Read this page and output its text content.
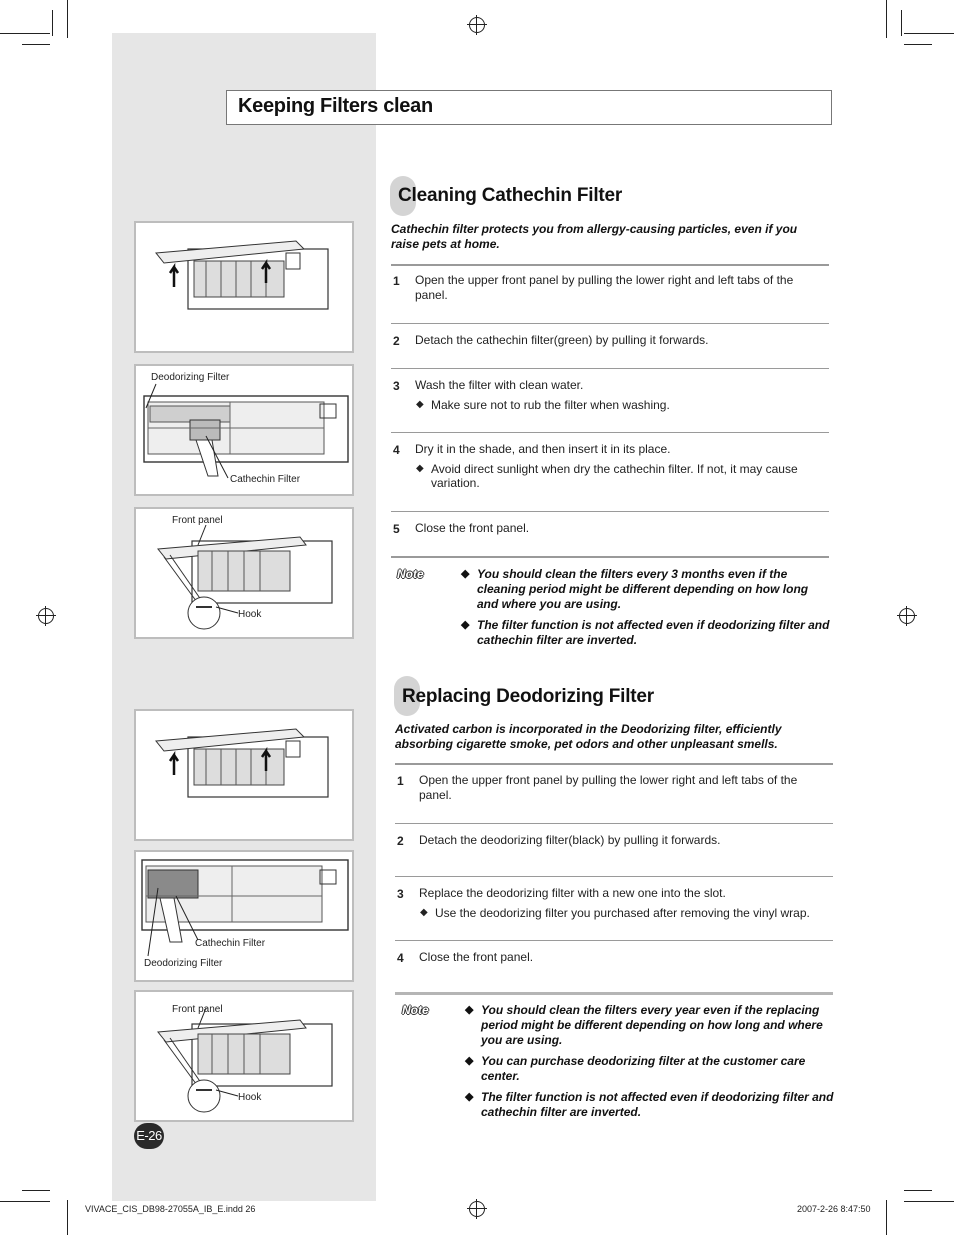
Keeping Filters clean
Cleaning Cathechin Filter
Cathechin filter protects you from allergy-causing particles, even if you raise pets at home.
1 Open the upper front panel by pulling the lower right and left tabs of the panel.
2 Detach the cathechin filter(green) by pulling it forwards.
3 Wash the filter with clean water.
◆ Make sure not to rub the filter when washing.
4 Dry it in the shade, and then insert it in its place.
◆ Avoid direct sunlight when dry the cathechin filter. If not, it may cause variation.
5 Close the front panel.
Note	◆ You should clean the filters every 3 months even if the cleaning period might be different depending on how long and where you are using.
◆ The filter function is not affected even if deodorizing filter and cathechin filter are inverted.
Replacing Deodorizing Filter
Activated carbon is incorporated in the Deodorizing filter, efficiently absorbing cigarette smoke, pet odors and other unpleasant smells.
1 Open the upper front panel by pulling the lower right and left tabs of the panel.
2 Detach the deodorizing filter(black) by pulling it forwards.
3 Replace the deodorizing filter with a new one into the slot.
◆ Use the deodorizing filter you purchased after removing the vinyl wrap.
4 Close the front panel.
Note	◆ You should clean the filters every year even if the replacing period might be different depending on how long and where you are using.
◆ You can purchase deodorizing filter at the customer care center.
◆ The filter function is not affected even if deodorizing filter and cathechin filter are inverted.
Deodorizing Filter
Cathechin Filter
Front panel
Hook
Cathechin Filter
Deodorizing Filter
Front panel
Hook
E-26
VIVACE_CIS_DB98-27055A_IB_E.indd 26	2007-2-26 8:47:50
